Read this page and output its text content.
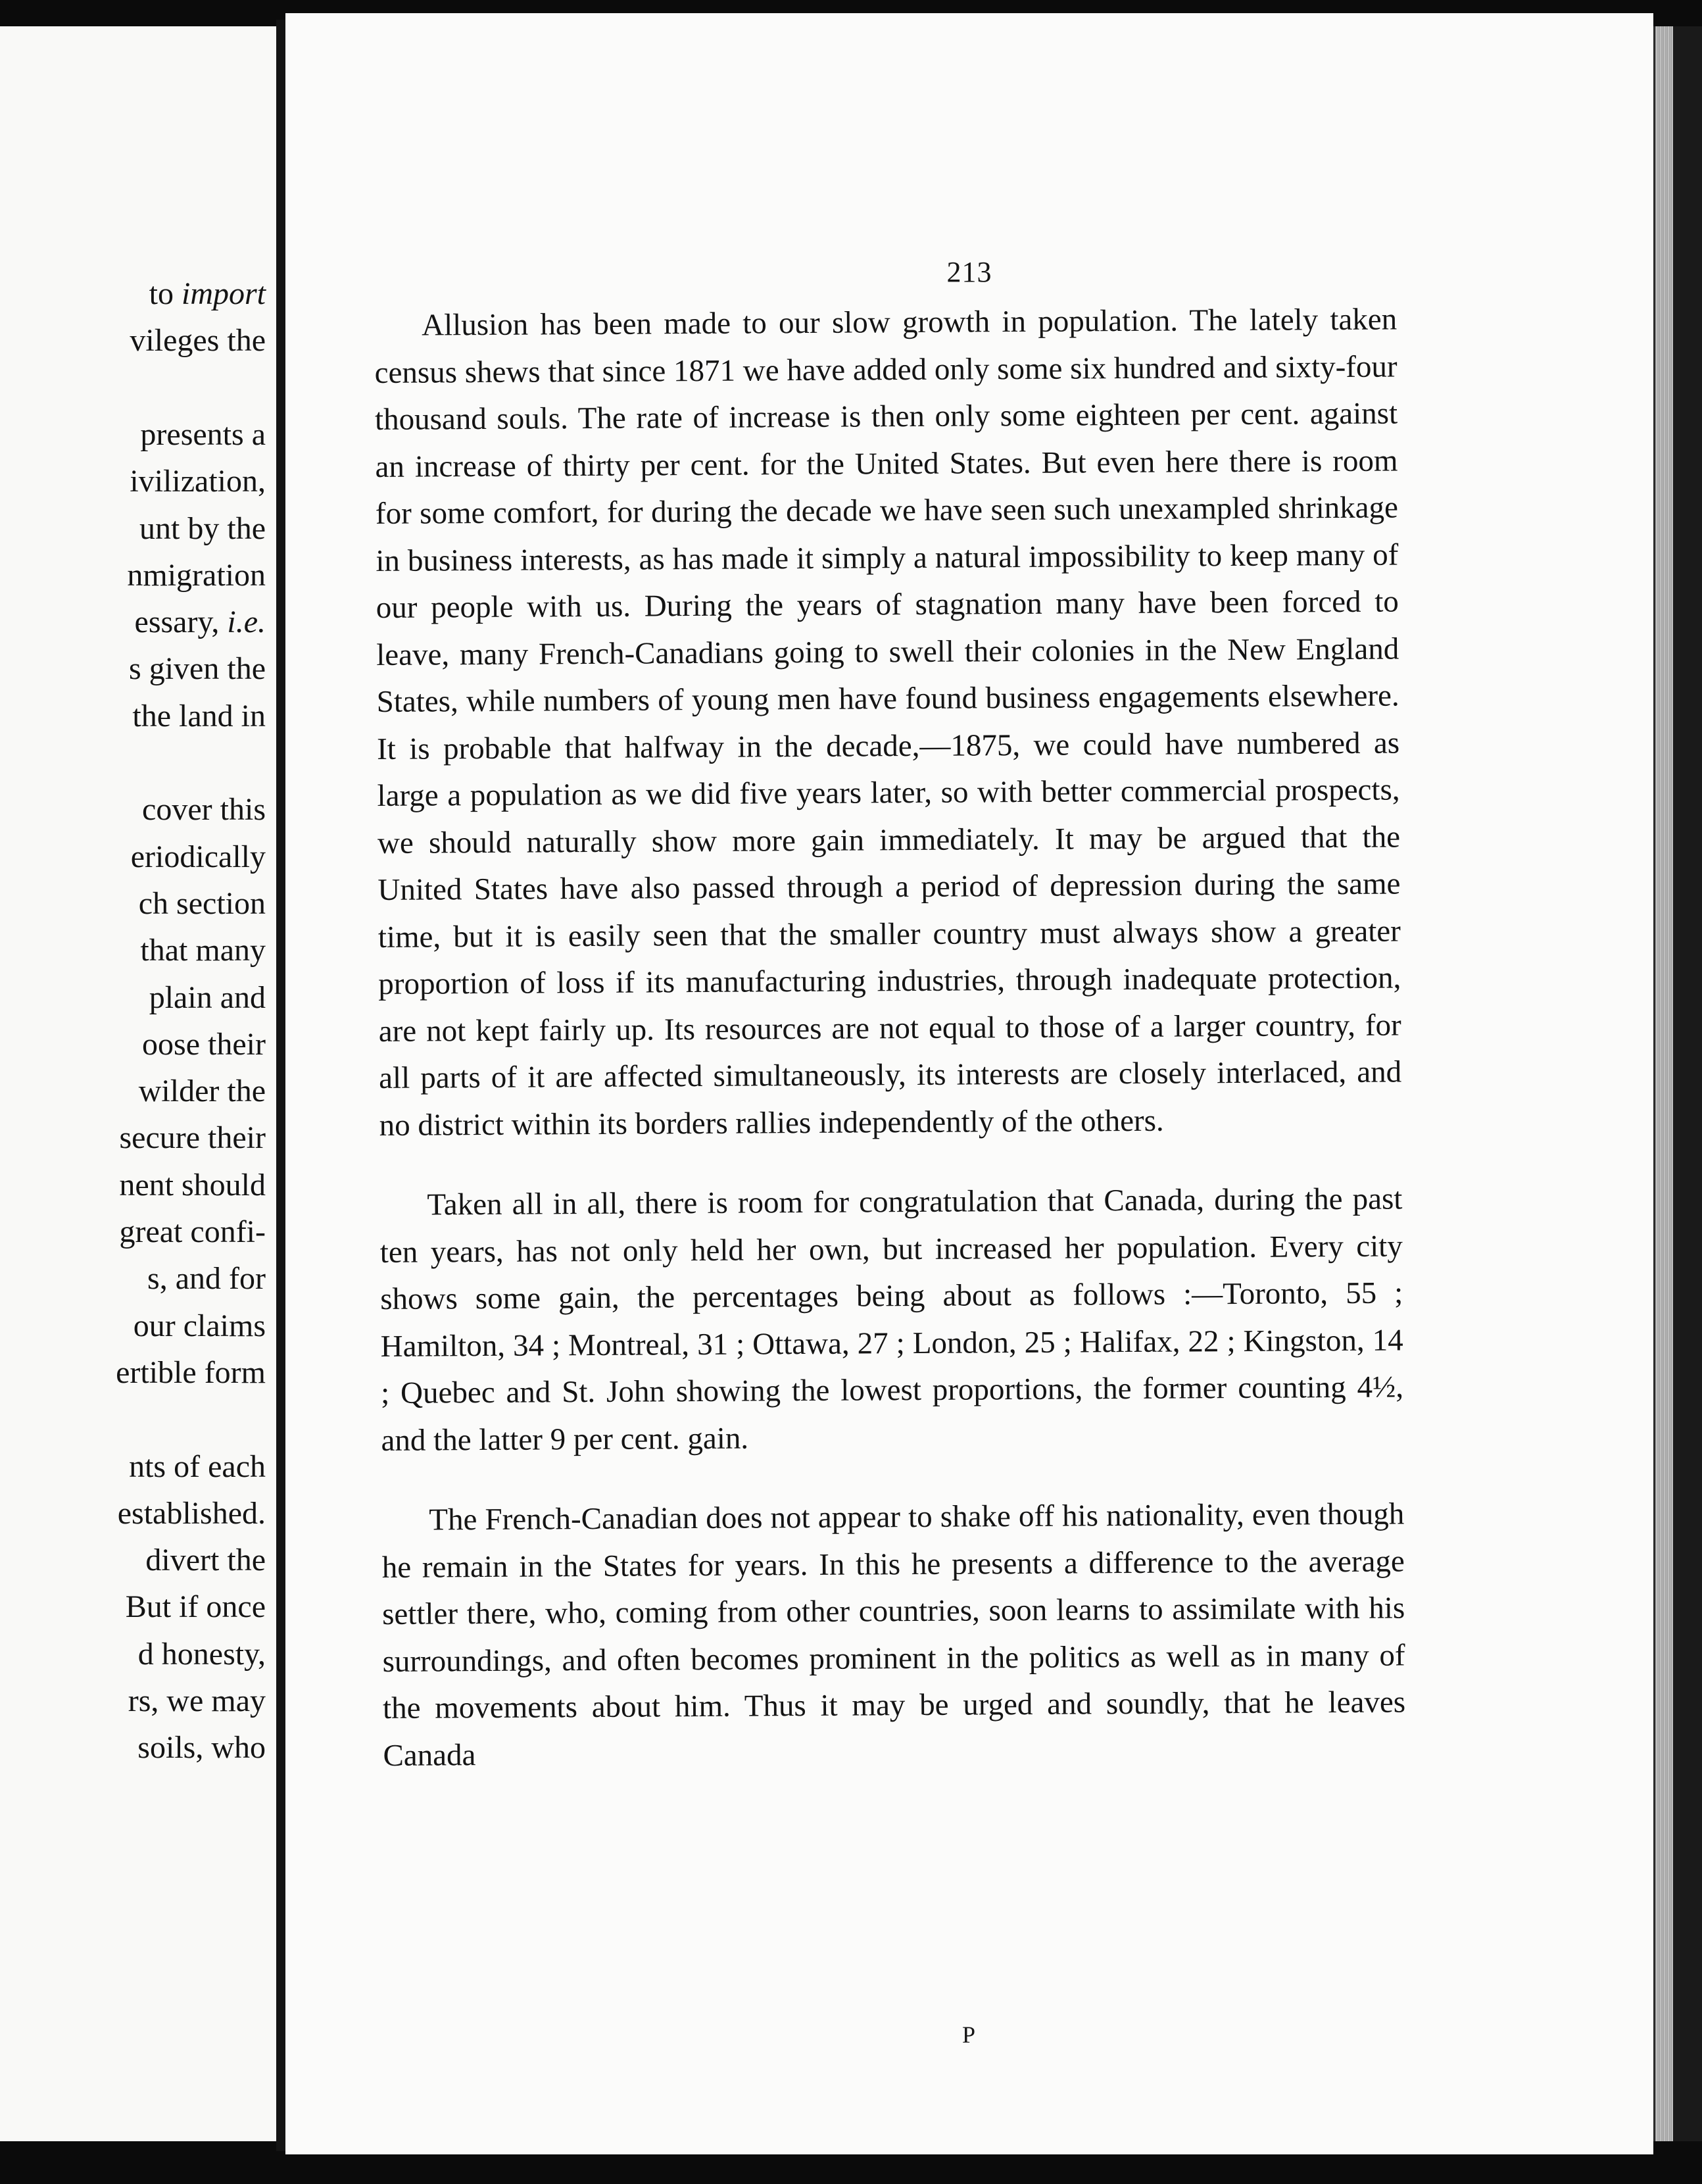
to import
vileges the
presents a
ivilization,
unt by the
nmigration
essary, i.e.
s given the
the land in
cover this
eriodically
ch section
that many
plain and
oose their
wilder the
secure their
nent should
great confi-
s, and for
our claims
ertible form
nts of each
established.
divert the
But if once
d honesty,
rs, we may
soils, who
213

Allusion has been made to our slow growth in population. The lately taken census shews that since 1871 we have added only some six hundred and sixty-four thousand souls. The rate of increase is then only some eighteen per cent. against an increase of thirty per cent. for the United States. But even here there is room for some comfort, for during the decade we have seen such unexampled shrinkage in business interests, as has made it simply a natural impossibility to keep many of our people with us. During the years of stagnation many have been forced to leave, many French-Canadians going to swell their colonies in the New England States, while numbers of young men have found business engagements elsewhere. It is probable that halfway in the decade,—1875, we could have numbered as large a population as we did five years later, so with better commercial prospects, we should naturally show more gain immediately. It may be argued that the United States have also passed through a period of depression during the same time, but it is easily seen that the smaller country must always show a greater proportion of loss if its manufacturing industries, through inadequate protection, are not kept fairly up. Its resources are not equal to those of a larger country, for all parts of it are affected simultaneously, its interests are closely interlaced, and no district within its borders rallies independently of the others.

Taken all in all, there is room for congratulation that Canada, during the past ten years, has not only held her own, but increased her population. Every city shows some gain, the percentages being about as follows :—Toronto, 55 ; Hamilton, 34 ; Montreal, 31 ; Ottawa, 27 ; London, 25 ; Halifax, 22 ; Kingston, 14 ; Quebec and St. John showing the lowest proportions, the former counting 4½, and the latter 9 per cent. gain.

The French-Canadian does not appear to shake off his nationality, even though he remain in the States for years. In this he presents a difference to the average settler there, who, coming from other countries, soon learns to assimilate with his surroundings, and often becomes prominent in the politics as well as in many of the movements about him. Thus it may be urged and soundly, that he leaves Canada

P
